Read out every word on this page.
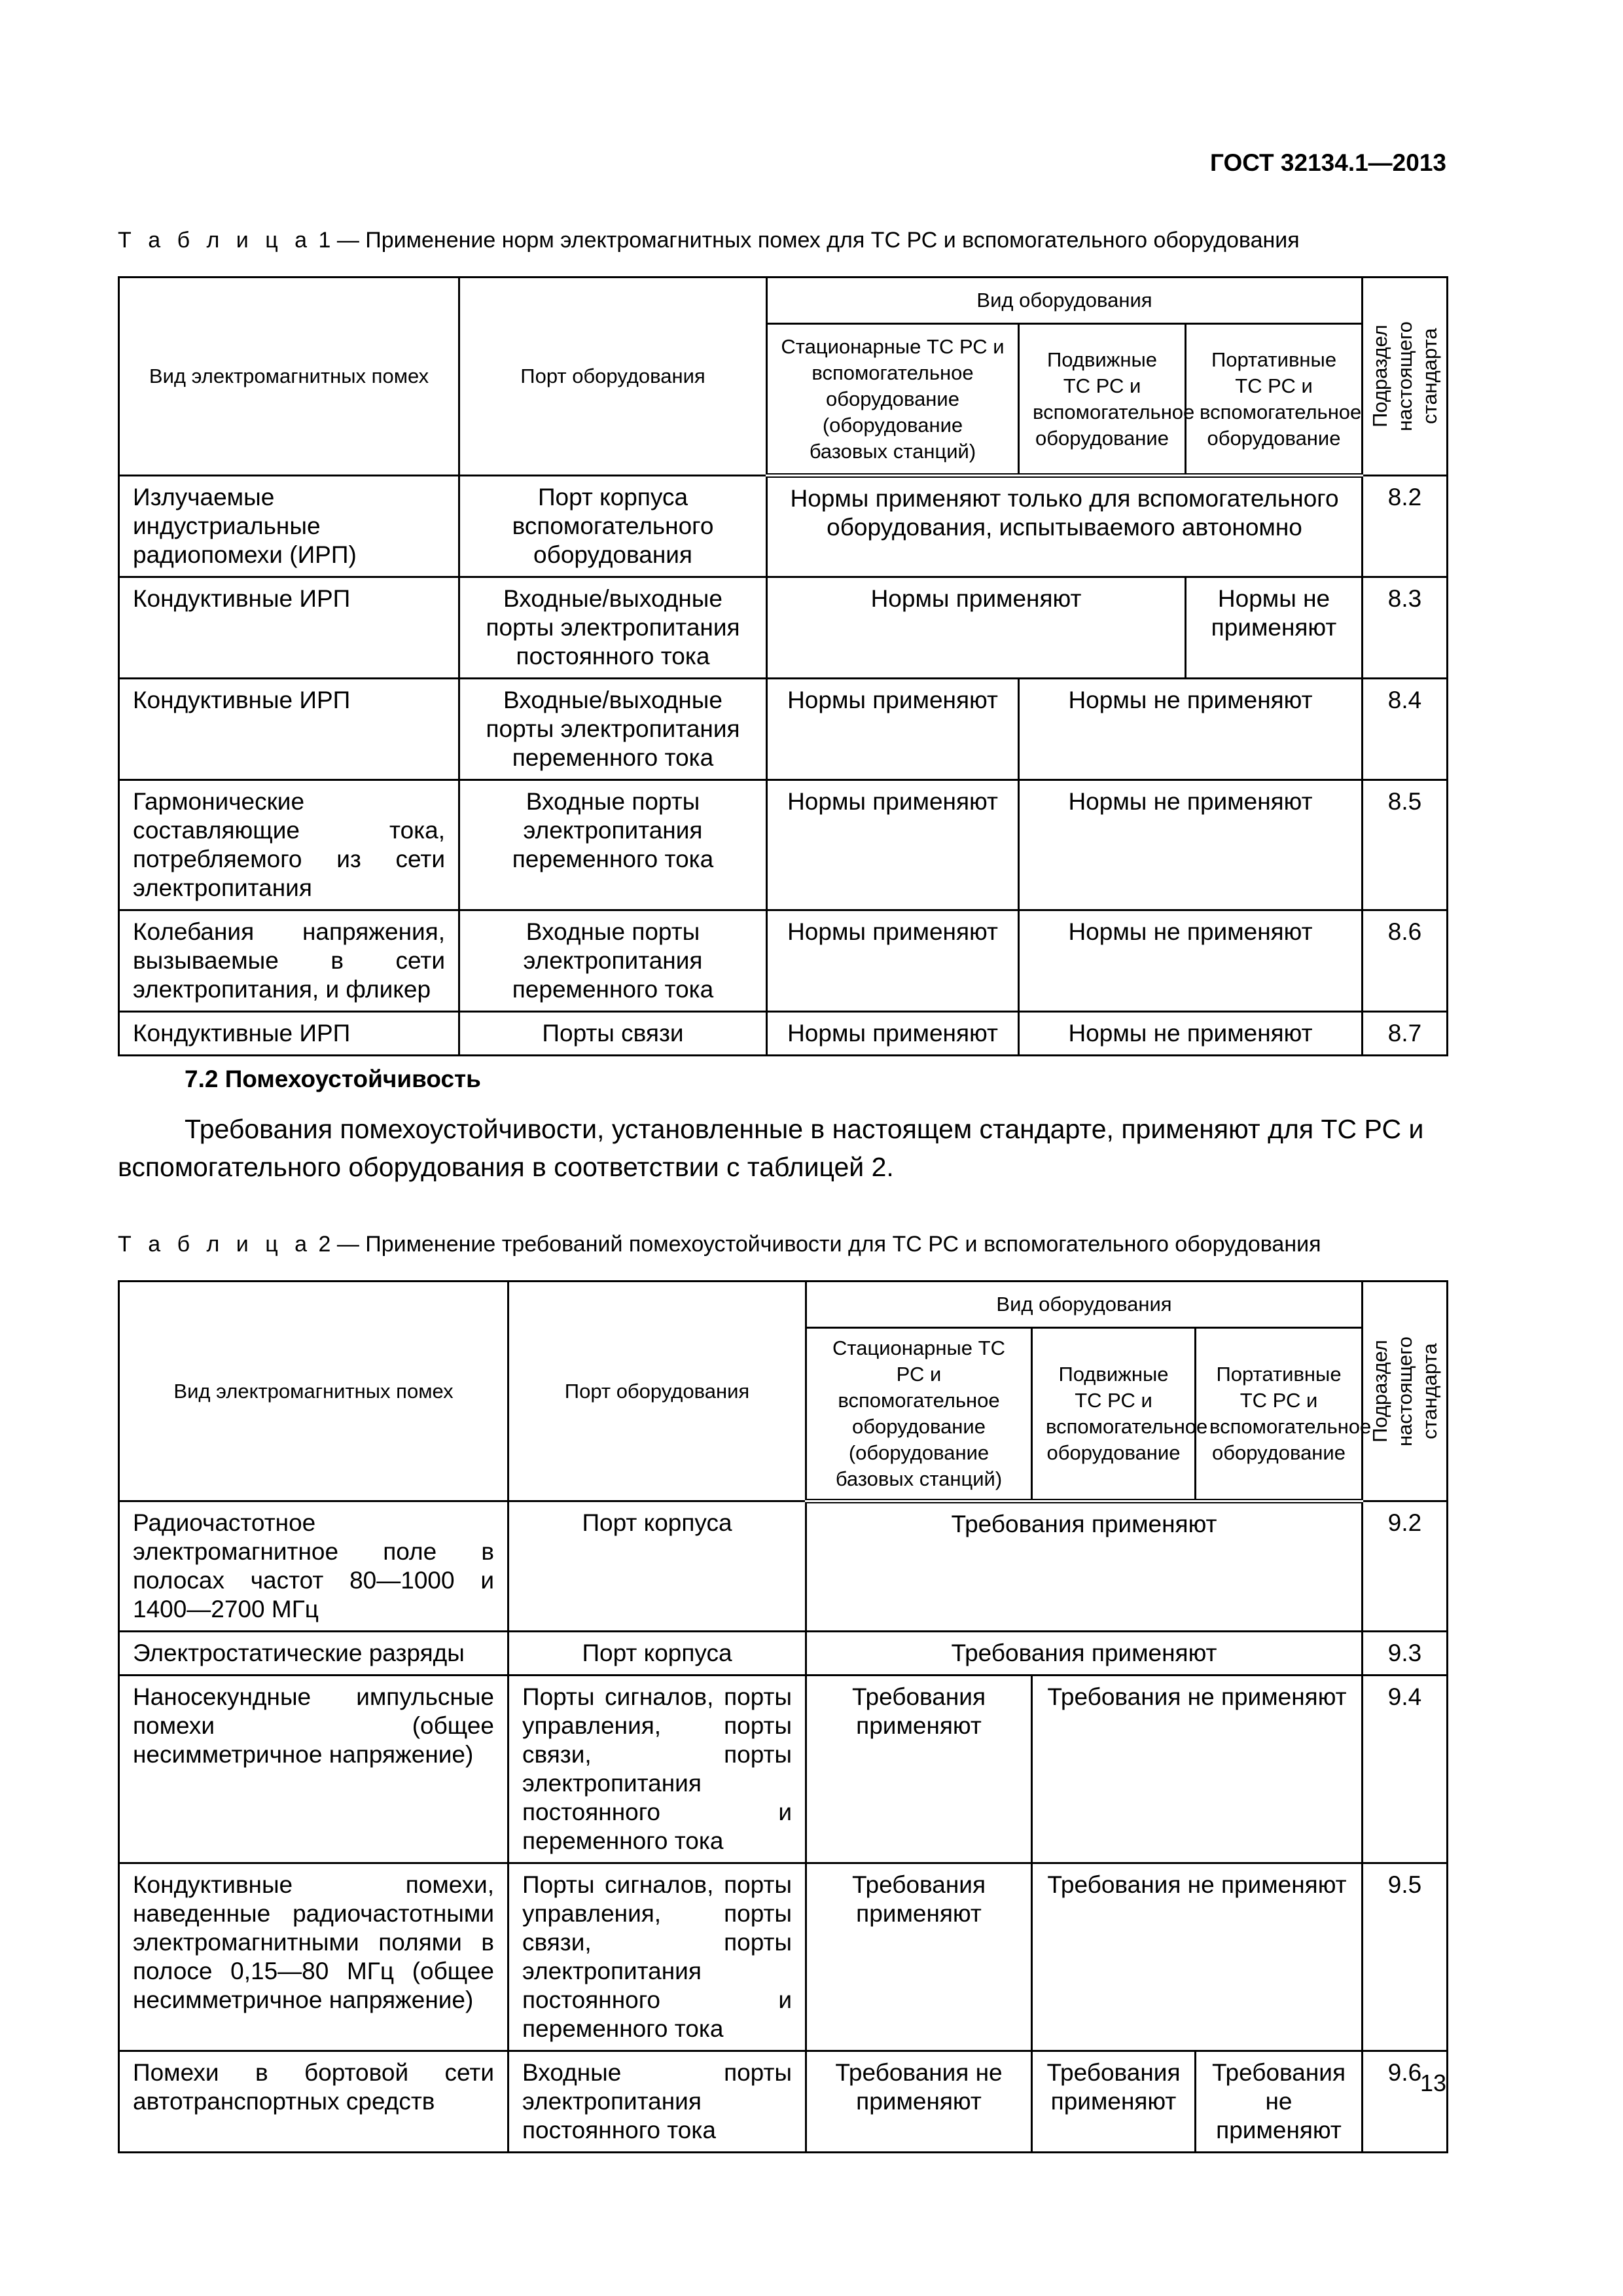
ГОСТ 32134.1—2013
Т а б л и ц а 1 — Применение норм электромагнитных помех для ТС РС и вспомогательного оборудования
Вид электромагнитных помех	Порт оборудования	Вид оборудования			Подраздел настоящего стандарта

		Стационарные ТС РС и вспомогательное оборудование (оборудование базовых станций)	Подвижные ТС РС и вспомогательное оборудование	Портативные ТС РС и вспомогательное оборудование	
Излучаемые индустриальные радиопомехи (ИРП)	Порт корпуса вспомогательного оборудования	Нормы применяют только для вспомогательного оборудования, испытываемого автономно			8.2
Кондуктивные ИРП	Входные/выходные порты электропитания постоянного тока	Нормы применяют		Нормы не применяют	8.3
Кондуктивные ИРП	Входные/выходные порты электропитания переменного тока	Нормы применяют	Нормы не применяют		8.4
Гармонические составляющие тока, потребляемого из сети электропитания	Входные порты электропитания переменного тока	Нормы применяют	Нормы не применяют		8.5
Колебания напряжения, вызываемые в сети электропитания, и фликер	Входные порты электропитания переменного тока	Нормы применяют	Нормы не применяют		8.6
Кондуктивные ИРП	Порты связи	Нормы применяют	Нормы не применяют		8.7
7.2 Помехоустойчивость
Требования помехоустойчивости, установленные в настоящем стандарте, применяют для ТС РС и вспомогательного оборудования в соответствии с таблицей 2.
Т а б л и ц а 2 — Применение требований помехоустойчивости для ТС РС и вспомогательного оборудования
Вид электромагнитных помех	Порт оборудования	Вид оборудования			Подраздел настоящего стандарта

		Стационарные ТС РС и вспомогательное оборудование (оборудование базовых станций)	Подвижные ТС РС и вспомогательное оборудование	Портативные ТС РС и вспомогательное оборудование	
Радиочастотное электромагнитное поле в полосах частот 80—1000 и 1400—2700 МГц	Порт корпуса	Требования применяют			9.2
Электростатические разряды	Порт корпуса	Требования применяют			9.3
Наносекундные импульсные помехи (общее несимметричное напряжение)	Порты сигналов, порты управления, порты связи, порты электропитания постоянного и переменного тока	Требования применяют	Требования не применяют		9.4
Кондуктивные помехи, наведенные радиочастотными электромагнитными полями в полосе 0,15—80 МГц (общее несимметричное напряжение)	Порты сигналов, порты управления, порты связи, порты электропитания постоянного и переменного тока	Требования применяют	Требования не применяют		9.5
Помехи в бортовой сети автотранспортных средств	Входные порты электропитания постоянного тока	Требования не применяют	Требования применяют	Требования не применяют	9.6
13
